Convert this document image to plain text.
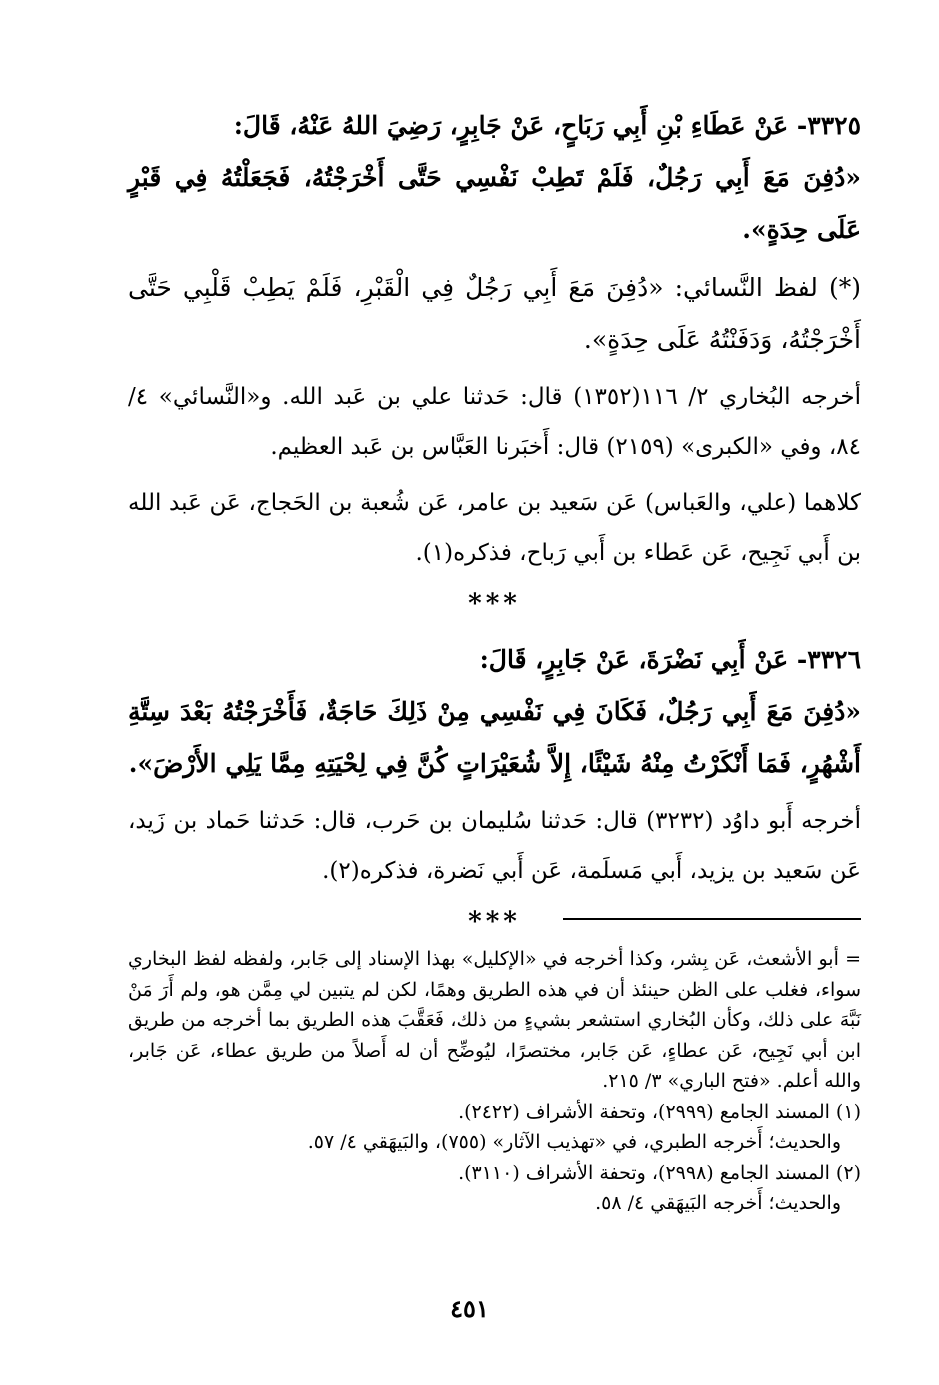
٣٣٢٥- عَنْ عَطَاءِ بْنِ أَبِي رَبَاحٍ، عَنْ جَابِرٍ، رَضِيَ اللهُ عَنْهُ، قَالَ:

«دُفِنَ مَعَ أَبِي رَجُلٌ، فَلَمْ تَطِبْ نَفْسِي حَتَّى أَخْرَجْتُهُ، فَجَعَلْتُهُ فِي قَبْرٍ عَلَى حِدَةٍ».

(*) لفظ النَّسائي: «دُفِنَ مَعَ أَبِي رَجُلٌ فِي الْقَبْرِ، فَلَمْ يَطِبْ قَلْبِي حَتَّى أَخْرَجْتُهُ، وَدَفَنْتُهُ عَلَى حِدَةٍ».

أخرجه البُخاري ٢/ ١١٦(١٣٥٢) قال: حَدثنا علي بن عَبد الله. و«النَّسائي» ٤/ ٨٤، وفي «الكبرى» (٢١٥٩) قال: أَخبَرنا العَبَّاس بن عَبد العظيم.

كلاهما (علي، والعَباس) عَن سَعيد بن عامر، عَن شُعبة بن الحَجاج، عَن عَبد الله بن أَبي نَجِيح، عَن عَطاء بن أَبي رَباح، فذكره(١).

***

٣٣٢٦- عَنْ أَبِي نَضْرَةَ، عَنْ جَابِرٍ، قَالَ:

«دُفِنَ مَعَ أَبِي رَجُلٌ، فَكَانَ فِي نَفْسِي مِنْ ذَلِكَ حَاجَةٌ، فَأَخْرَجْتُهُ بَعْدَ سِتَّةِ أَشْهُرٍ، فَمَا أَنْكَرْتُ مِنْهُ شَيْئًا، إِلاَّ شُعَيْرَاتٍ كُنَّ فِي لِحْيَتِهِ مِمَّا يَلِي الأَرْضَ».

أخرجه أَبو داوُد (٣٢٣٢) قال: حَدثنا سُليمان بن حَرب، قال: حَدثنا حَماد بن زَيد، عَن سَعيد بن يزيد، أَبي مَسلَمة، عَن أَبي نَضرة، فذكره(٢).

***

= أبو الأشعث، عَن بِشر، وكذا أخرجه في «الإكليل» بهذا الإسناد إلى جَابر، ولفظه لفظ البخاري سواء، فغلب على الظن حينئذ أن في هذه الطريق وهمًا، لكن لم يتبين لي مِمَّن هو، ولم أَرَ مَنْ نَبَّهَ على ذلك، وكأن البُخاري استشعر بشيءٍ من ذلك، فَعَقَّبَ هذه الطريق بما أخرجه من طريق ابن أبي نَجِيح، عَن عطاءٍ، عَن جَابر، مختصرًا، ليُوضِّح أن له أَصلاً من طريق عطاء، عَن جَابر، والله أعلم. «فتح الباري» ٣/ ٢١٥.

(١) المسند الجامع (٢٩٩٩)، وتحفة الأشراف (٢٤٢٢).

والحديث؛ أَخرجه الطبري، في «تهذيب الآثار» (٧٥٥)، والبَيهَقي ٤/ ٥٧.

(٢) المسند الجامع (٢٩٩٨)، وتحفة الأشراف (٣١١٠).

والحديث؛ أَخرجه البَيهَقي ٤/ ٥٨.

٤٥١
